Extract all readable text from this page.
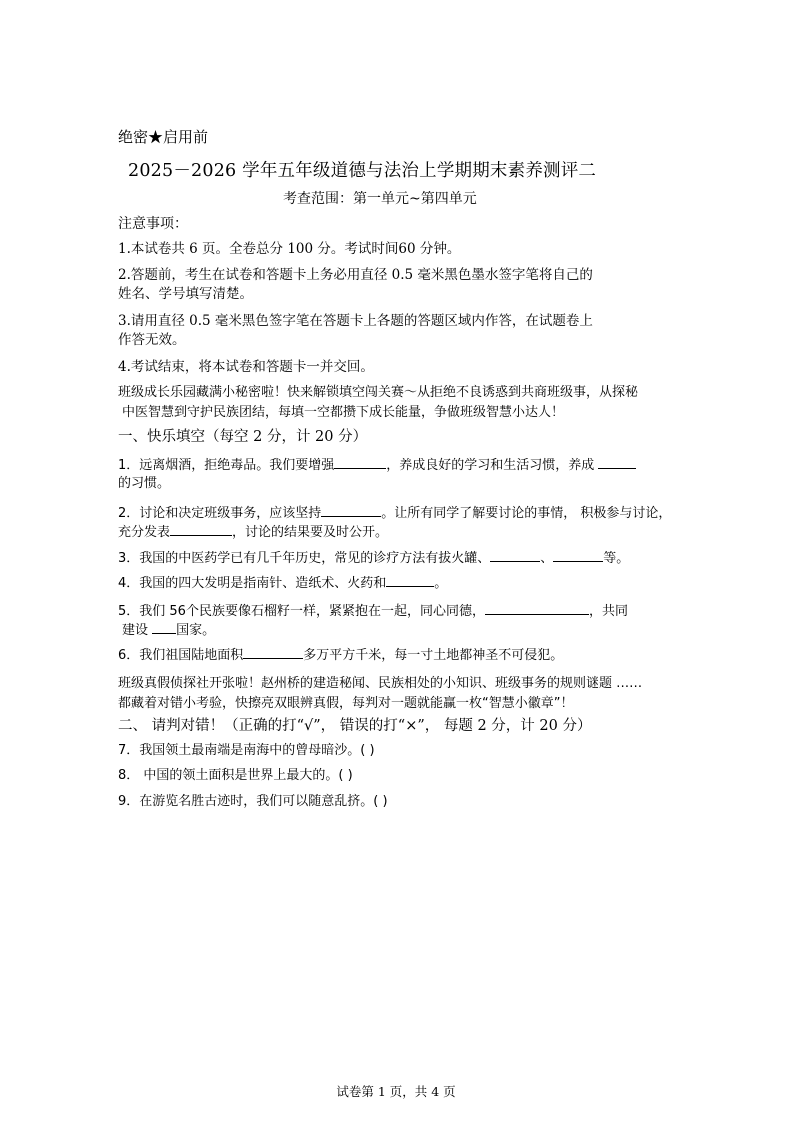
绝密★启用前
2025－2026 学年五年级道德与法治上学期期末素养测评二
考查范围：第一单元~第四单元
注意事项：
1.本试卷共 6 页。全卷总分 100 分。考试时间60 分钟。
2.答题前，考生在试卷和答题卡上务必用直径 0.5 毫米黑色墨水签字笔将自己的
姓名、学号填写清楚。
3.请用直径 0.5 毫米黑色签字笔在答题卡上各题的答题区域内作答，在试题卷上
作答无效。
4.考试结束，将本试卷和答题卡一并交回。
班级成长乐园藏满小秘密啦！快来解锁填空闯关赛～从拒绝不良诱惑到共商班级事，从探秘
中医智慧到守护民族团结，每填一空都攒下成长能量，争做班级智慧小达人！
一、快乐填空（每空 2 分，计 20 分）
1．远离烟酒，拒绝毒品。我们要增强	，养成良好的学习和生活习惯，养成
的习惯。
2．讨论和决定班级事务，应该坚持	。让所有同学了解要讨论的事情， 积极参与讨论，
充分发表	，讨论的结果要及时公开。
3．我国的中医药学已有几千年历史，常见的诊疗方法有拔火罐、	、	等。
4．我国的四大发明是指南针、造纸术、火药和	。
5．我们 56个民族要像石榴籽一样，紧紧抱在一起，同心同德，	，共同
建设 国家。
6．我们祖国陆地面积	多万平方千米，每一寸土地都神圣不可侵犯。
班级真假侦探社开张啦！赵州桥的建造秘闻、民族相处的小知识、班级事务的规则谜题 ……
都藏着对错小考验，快擦亮双眼辨真假，每判对一题就能赢一枚“智慧小徽章”！
二、 请判对错！（正确的打“√”， 错误的打“×”， 每题 2 分，计 20 分）
7．我国领土最南端是南海中的曾母暗沙。( )
8． 中国的领土面积是世界上最大的。( )
9．在游览名胜古迹时，我们可以随意乱挤。( )
试卷第 1 页，共 4 页
